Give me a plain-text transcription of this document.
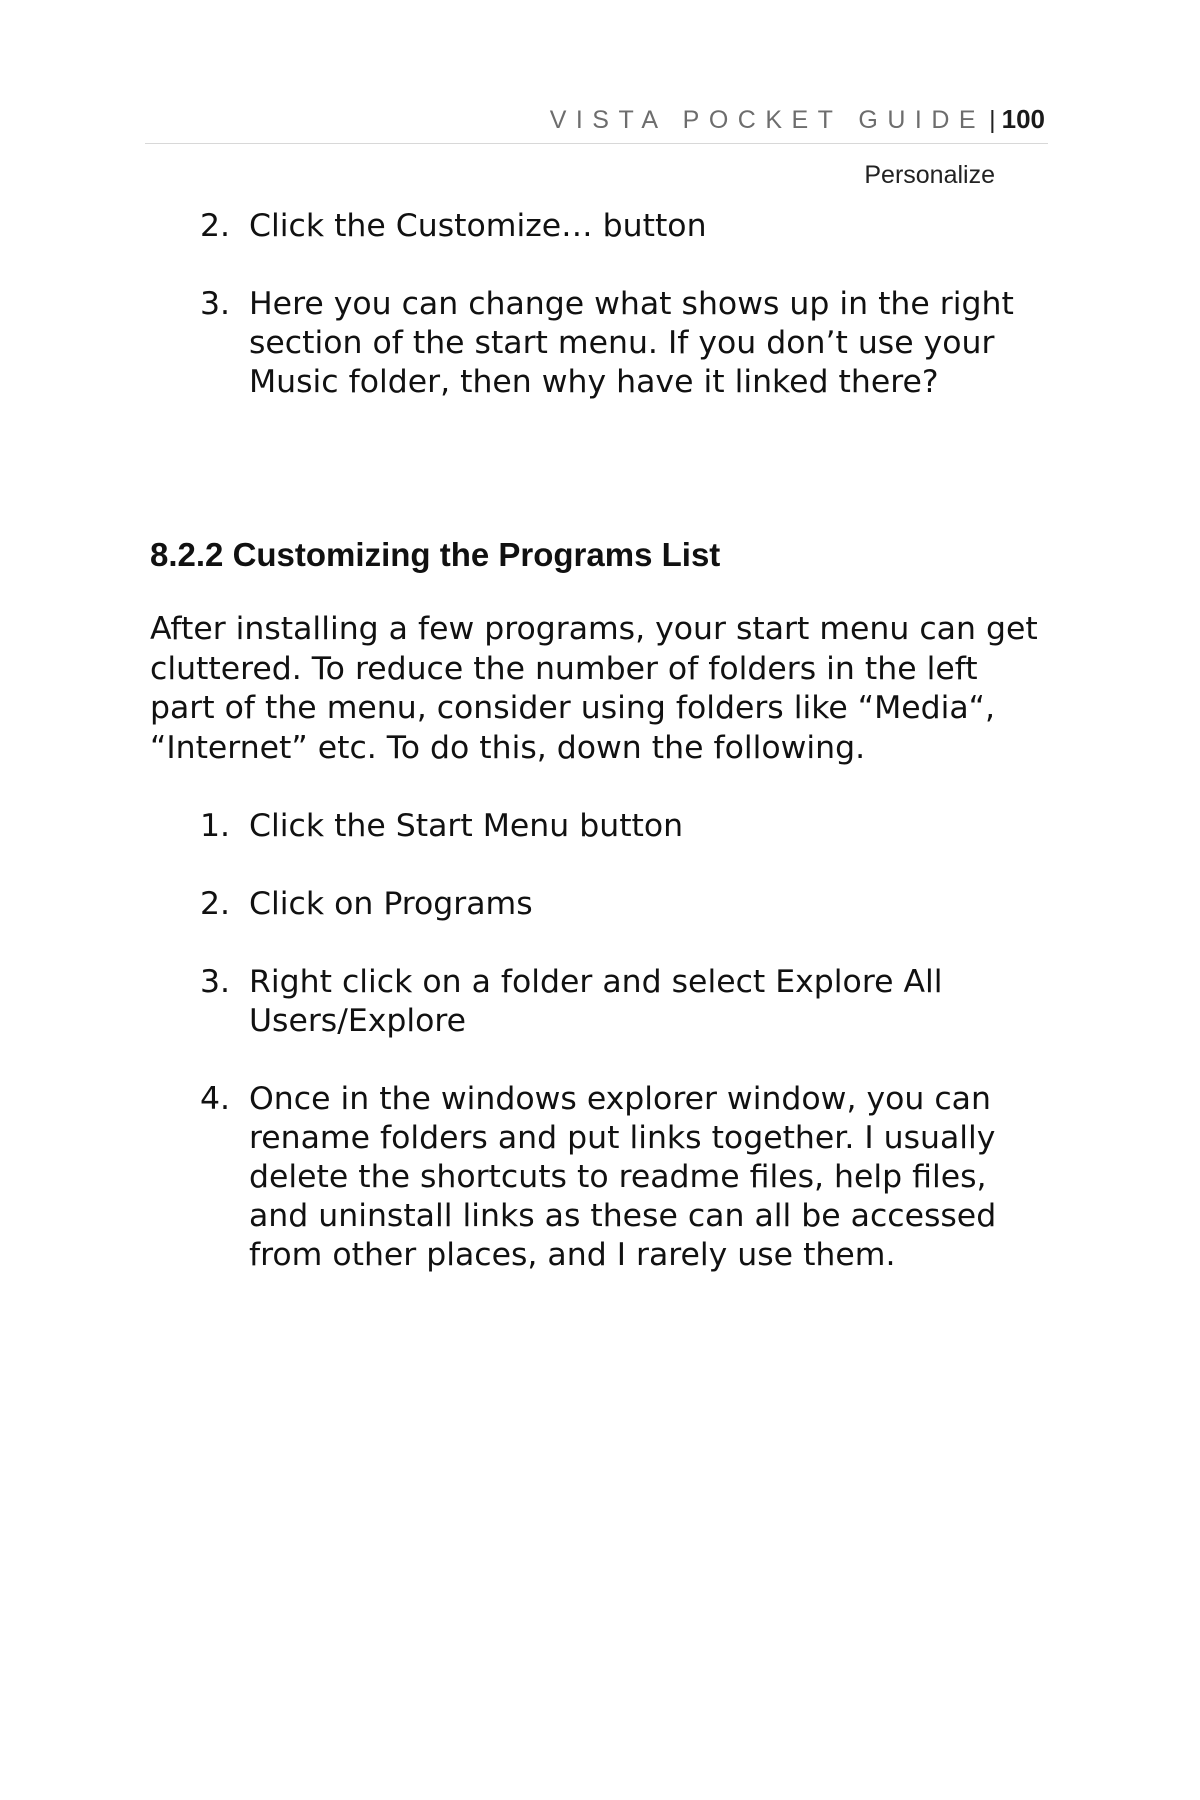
VISTA POCKET GUIDE | 100
Personalize
2. Click the Customize… button
3. Here you can change what shows up in the right section of the start menu. If you don’t use your Music folder, then why have it linked there?
8.2.2 Customizing the Programs List

After installing a few programs, your start menu can get cluttered. To reduce the number of folders in the left part of the menu, consider using folders like “Media“, “Internet” etc. To do this, down the following.

1. Click the Start Menu button
2. Click on Programs
3. Right click on a folder and select Explore All Users/Explore
4. Once in the windows explorer window, you can rename folders and put links together. I usually delete the shortcuts to readme files, help files, and uninstall links as these can all be accessed from other places, and I rarely use them.
